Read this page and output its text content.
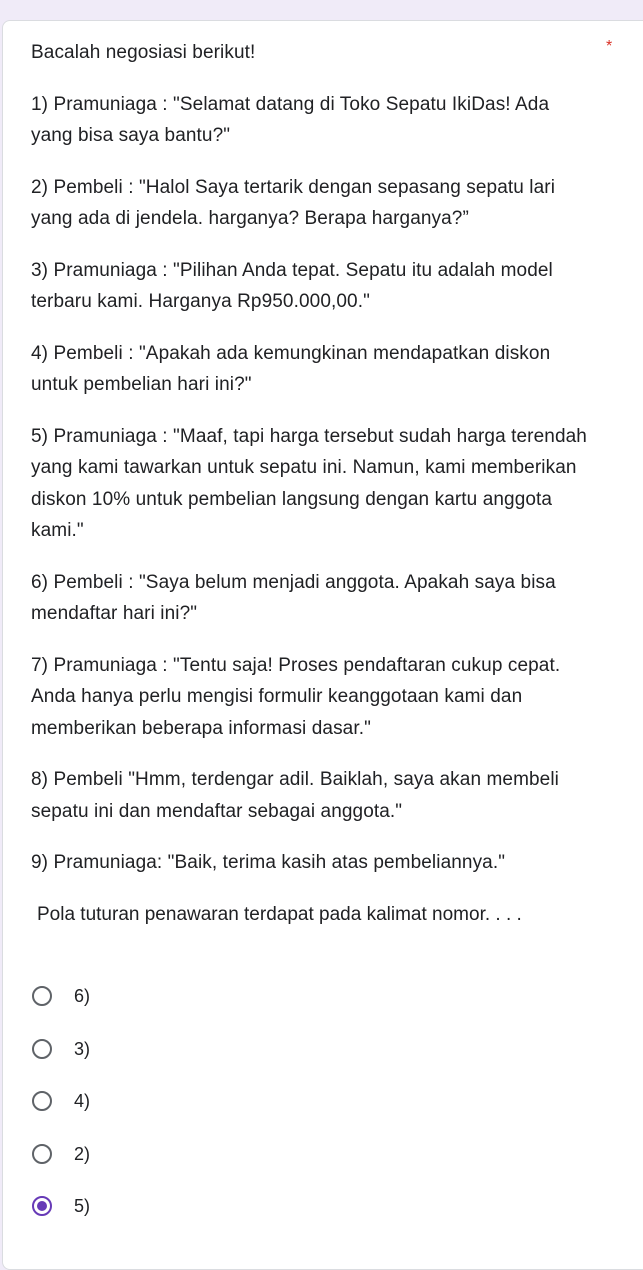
Bacalah negosiasi berikut!

1) Pramuniaga : "Selamat datang di Toko Sepatu IkiDas! Ada yang bisa saya bantu?"

2) Pembeli : "Halol Saya tertarik dengan sepasang sepatu lari yang ada di jendela. harganya? Berapa harganya?”

3) Pramuniaga : "Pilihan Anda tepat. Sepatu itu adalah model terbaru kami. Harganya Rp950.000,00."

4) Pembeli : "Apakah ada kemungkinan mendapatkan diskon untuk pembelian hari ini?"

5) Pramuniaga : "Maaf, tapi harga tersebut sudah harga terendah yang kami tawarkan untuk sepatu ini. Namun, kami memberikan diskon 10% untuk pembelian langsung dengan kartu anggota kami."

6) Pembeli : "Saya belum menjadi anggota. Apakah saya bisa mendaftar hari ini?"

7) Pramuniaga : "Tentu saja! Proses pendaftaran cukup cepat. Anda hanya perlu mengisi formulir keanggotaan kami dan memberikan beberapa informasi dasar."

8) Pembeli "Hmm, terdengar adil. Baiklah, saya akan membeli sepatu ini dan mendaftar sebagai anggota."

9) Pramuniaga: "Baik, terima kasih atas pembeliannya."

*
Pola tuturan penawaran terdapat pada kalimat nomor. . . .
6)
3)
4)
2)
5)
